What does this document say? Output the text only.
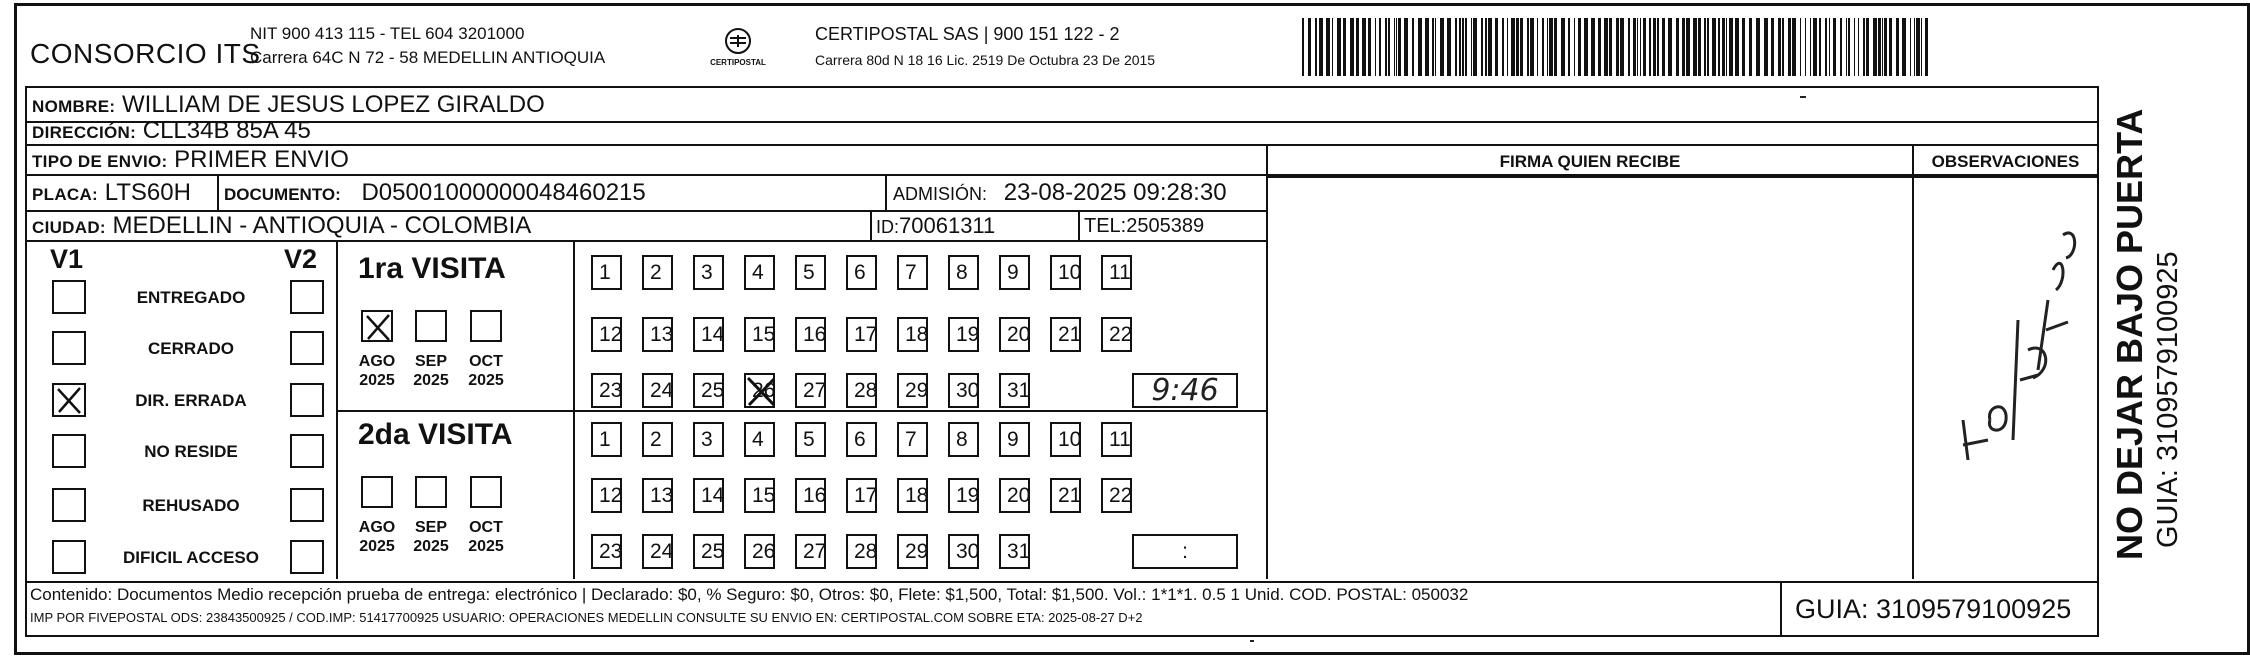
CONSORCIO ITS
NIT 900 413 115 - TEL 604 3201000
Carrera 64C N 72 - 58 MEDELLIN ANTIOQUIA	CERTIPOSTAL
CERTIPOSTAL SAS | 900 151 122 - 2
Carrera 80d N 18 16 Lic. 2519 De Octubra 23 De 2015
NOMBRE: WILLIAM DE JESUS LOPEZ GIRALDO
DIRECCIÓN: CLL34B 85A 45
TIPO DE ENVIO: PRIMER ENVIO
PLACA: LTS60H	DOCUMENTO: D05001000000048460215	ADMISIÓN: 23-08-2025 09:28:30
CIUDAD: MEDELLIN - ANTIOQUIA - COLOMBIA	ID:70061311	TEL:2505389
FIRMA QUIEN RECIBE	OBSERVACIONES
V1	V2 1ra VISITA
2da VISITA
Contenido: Documentos Medio recepción prueba de entrega: electrónico | Declarado: $0, % Seguro: $0, Otros: $0, Flete: $1,500, Total: $1,500. Vol.: 1*1*1. 0.5 1 Unid. COD. POSTAL: 050032
IMP POR FIVEPOSTAL ODS: 23843500925 / COD.IMP: 51417700925 USUARIO: OPERACIONES MEDELLIN CONSULTE SU ENVIO EN: CERTIPOSTAL.COM SOBRE ETA: 2025-08-27 D+2	GUIA: 3109579100925
NO DEJAR BAJO PUERTA GUIA: 3109579100925
ENTREGADO
CERRADO
DIR. ERRADA
NO RESIDE
REHUSADO
DIFICIL ACCESO
AGO
2025
SEP
2025
OCT
2025
AGO
2025
SEP
2025
OCT
2025
1	2	3	4	5	6	7	8	9	10	11
12	13	14	15	16	17	18	19	20	21	22
23	24	25	26	27	28	29	30	31	9:46
1	2	3	4	5	6	7	8	9	10	11
12	13	14	15	16	17	18	19	20	21	22
23	24	25	26	27	28	29	30	31	:
